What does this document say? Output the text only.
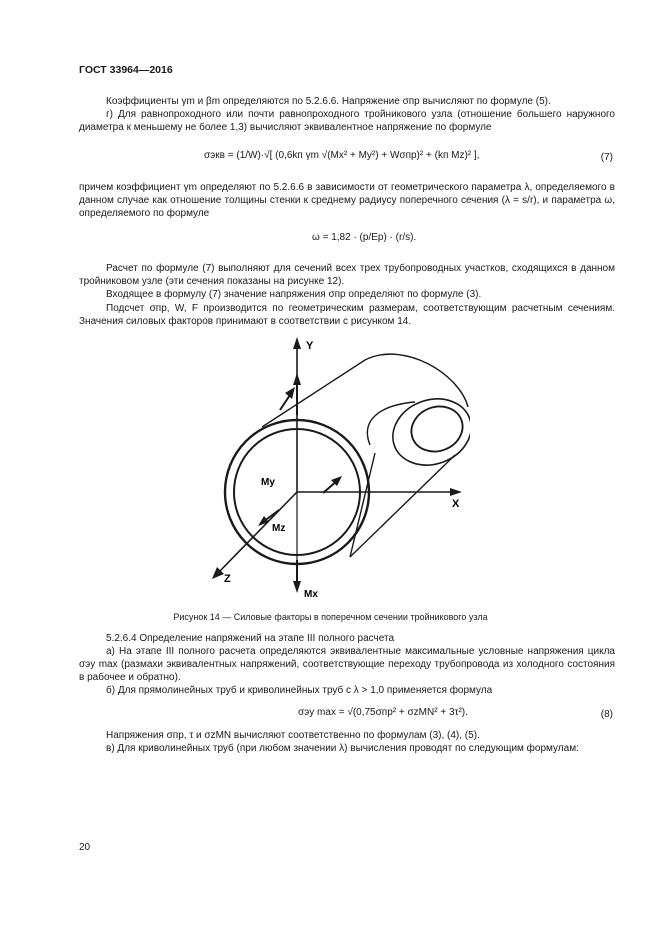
ГОСТ 33964—2016
Коэффициенты γm и βm определяются по 5.2.6.6. Напряжение σпр вычисляют по формуле (5).
г) Для равнопроходного или почти равнопроходного тройникового узла (отношение большего наружного диаметра к меньшему не более 1,3) вычисляют эквивалентное напряжение по формуле
σэкв = (1/W)·√[ (0,6kп γm √(Mx² + My²) + Wσпр)² + (kп Mz)² ],	(7)
причем коэффициент γm определяют по 5.2.6.6 в зависимости от геометрического параметра λ, определяемого в данном случае как отношение толщины стенки к среднему радиусу поперечного сечения (λ = s/r), и параметра ω, определяемого по формуле
ω = 1,82 · (p/Ep) · (r/s).
Расчет по формуле (7) выполняют для сечений всех трех трубопроводных участков, сходящихся в данном тройниковом узле (эти сечения показаны на рисунке 12).
Входящее в формулу (7) значение напряжения σпр определяют по формуле (3).
Подсчет σпр, W, F производится по геометрическим размерам, соответствующим расчетным сечениям. Значения силовых факторов принимают в соответствии с рисунком 14.
Y
X
Z
My
Mz
Mx
Рисунок 14 — Силовые факторы в поперечном сечении тройникового узла
5.2.6.4 Определение напряжений на этапе III полного расчета
а) На этапе III полного расчета определяются эквивалентные максимальные условные напряжения цикла σэy max (размахи эквивалентных напряжений, соответствующие переходу трубопровода из холодного состояния в рабочее и обратно).
б) Для прямолинейных труб и криволинейных труб с λ > 1,0 применяется формула
σэy max = √(0,75σпр² + σzMN² + 3τ²).	(8)
Напряжения σпр, τ и σzMN вычисляют соответственно по формулам (3), (4), (5).
в) Для криволинейных труб (при любом значении λ) вычисления проводят по следующим формулам:
20
